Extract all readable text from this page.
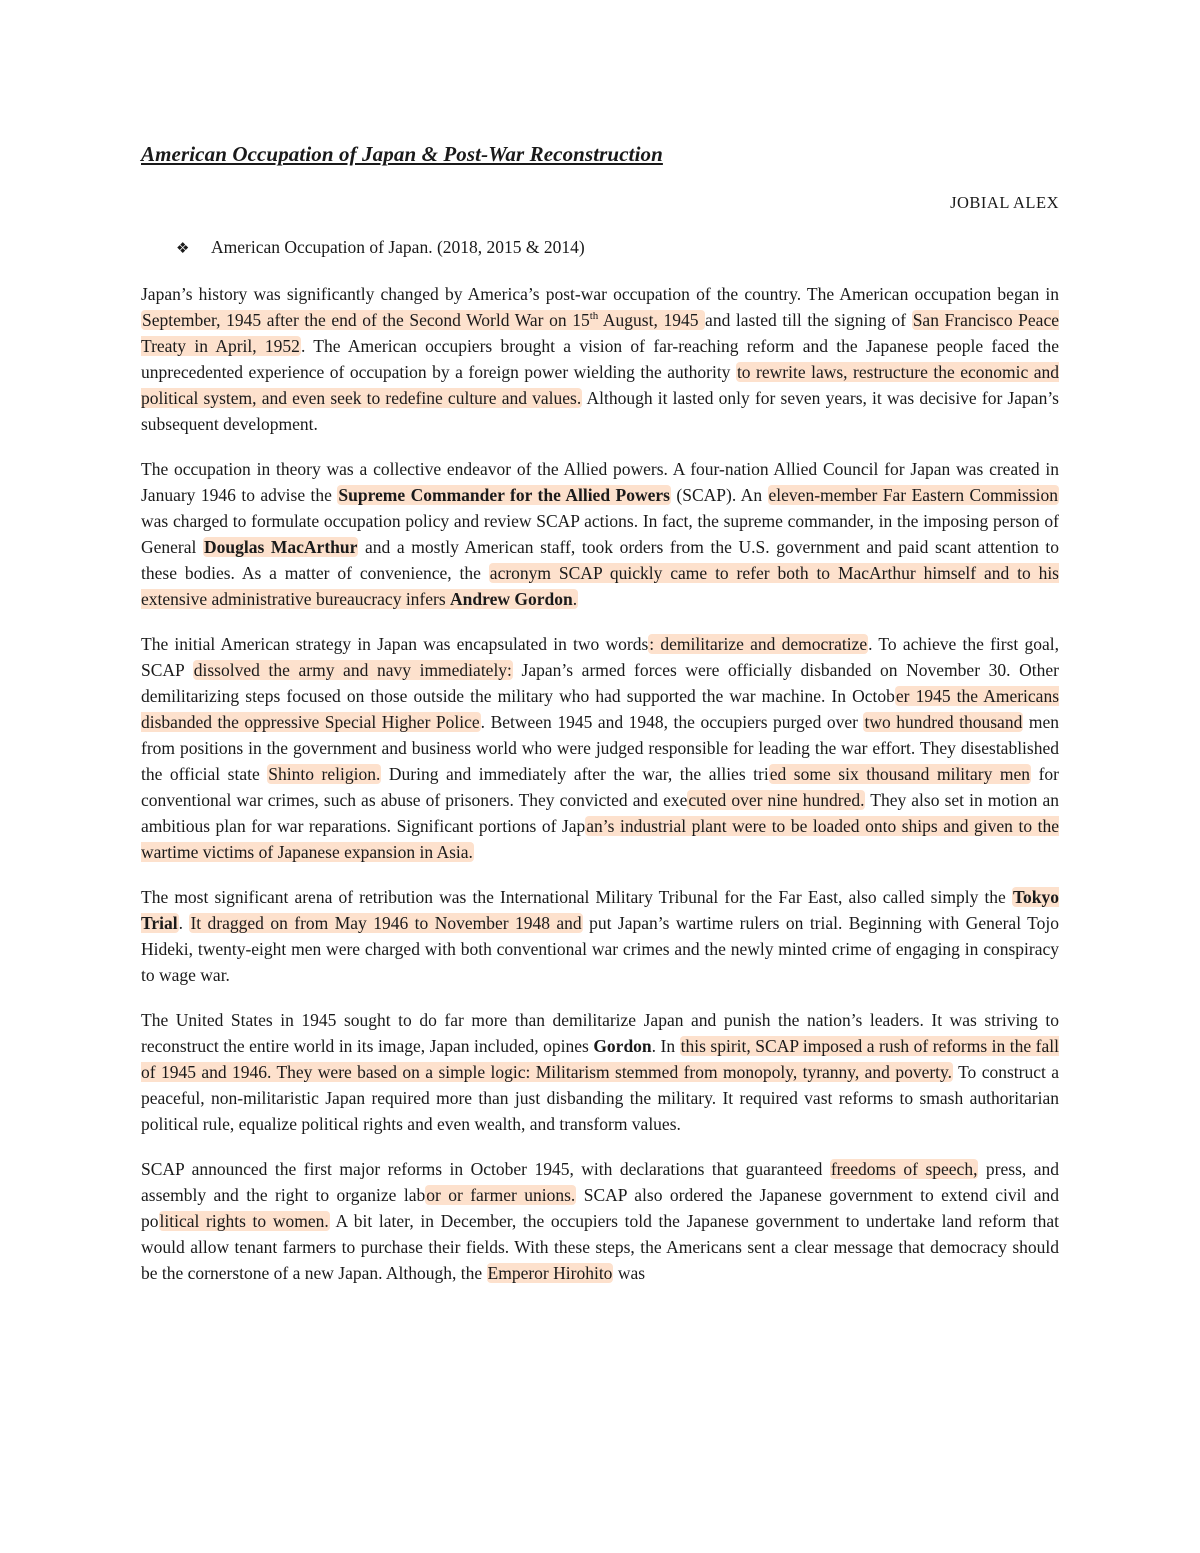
American Occupation of Japan & Post-War Reconstruction
JOBIAL ALEX
❖ American Occupation of Japan. (2018, 2015 & 2014)

Japan’s history was significantly changed by America’s post-war occupation of the country. The American occupation began in September, 1945 after the end of the Second World War on 15th August, 1945 and lasted till the signing of San Francisco Peace Treaty in April, 1952. The American occupiers brought a vision of far-reaching reform and the Japanese people faced the unprecedented experience of occupation by a foreign power wielding the authority to rewrite laws, restructure the economic and political system, and even seek to redefine culture and values. Although it lasted only for seven years, it was decisive for Japan’s subsequent development.

The occupation in theory was a collective endeavor of the Allied powers. A four-nation Allied Council for Japan was created in January 1946 to advise the Supreme Commander for the Allied Powers (SCAP). An eleven-member Far Eastern Commission was charged to formulate occupation policy and review SCAP actions. In fact, the supreme commander, in the imposing person of General Douglas MacArthur and a mostly American staff, took orders from the U.S. government and paid scant attention to these bodies. As a matter of convenience, the acronym SCAP quickly came to refer both to MacArthur himself and to his extensive administrative bureaucracy infers Andrew Gordon.

The initial American strategy in Japan was encapsulated in two words: demilitarize and democratize. To achieve the first goal, SCAP dissolved the army and navy immediately: Japan’s armed forces were officially disbanded on November 30. Other demilitarizing steps focused on those outside the military who had supported the war machine. In October 1945 the Americans disbanded the oppressive Special Higher Police. Between 1945 and 1948, the occupiers purged over two hundred thousand men from positions in the government and business world who were judged responsible for leading the war effort. They disestablished the official state Shinto religion. During and immediately after the war, the allies tried some six thousand military men for conventional war crimes, such as abuse of prisoners. They convicted and executed over nine hundred. They also set in motion an ambitious plan for war reparations. Significant portions of Japan’s industrial plant were to be loaded onto ships and given to the wartime victims of Japanese expansion in Asia.

The most significant arena of retribution was the International Military Tribunal for the Far East, also called simply the Tokyo Trial. It dragged on from May 1946 to November 1948 and put Japan’s wartime rulers on trial. Beginning with General Tojo Hideki, twenty-eight men were charged with both conventional war crimes and the newly minted crime of engaging in conspiracy to wage war.

The United States in 1945 sought to do far more than demilitarize Japan and punish the nation’s leaders. It was striving to reconstruct the entire world in its image, Japan included, opines Gordon. In this spirit, SCAP imposed a rush of reforms in the fall of 1945 and 1946. They were based on a simple logic: Militarism stemmed from monopoly, tyranny, and poverty. To construct a peaceful, non-militaristic Japan required more than just disbanding the military. It required vast reforms to smash authoritarian political rule, equalize political rights and even wealth, and transform values.

SCAP announced the first major reforms in October 1945, with declarations that guaranteed freedoms of speech, press, and assembly and the right to organize labor or farmer unions. SCAP also ordered the Japanese government to extend civil and political rights to women. A bit later, in December, the occupiers told the Japanese government to undertake land reform that would allow tenant farmers to purchase their fields. With these steps, the Americans sent a clear message that democracy should be the cornerstone of a new Japan. Although, the Emperor Hirohito was
